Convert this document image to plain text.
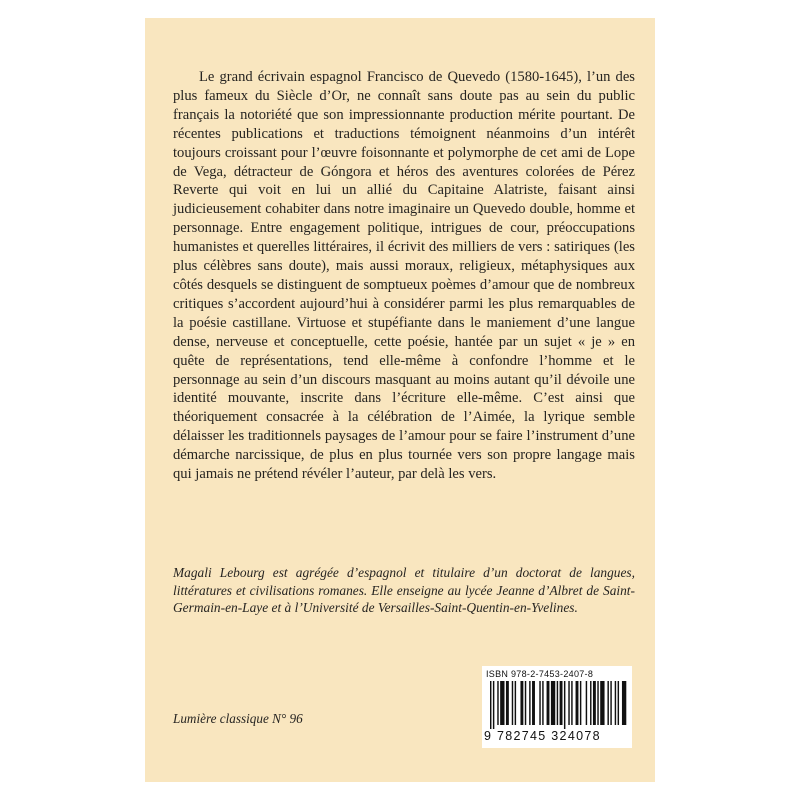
Le grand écrivain espagnol Francisco de Quevedo (1580-1645), l’un des plus fameux du Siècle d’Or, ne connaît sans doute pas au sein du public français la notoriété que son impressionnante production mérite pourtant. De récentes publications et traductions témoignent néanmoins d’un intérêt toujours croissant pour l’œuvre foisonnante et polymorphe de cet ami de Lope de Vega, détracteur de Góngora et héros des aventures colorées de Pérez Reverte qui voit en lui un allié du Capitaine Alatriste, faisant ainsi judicieusement cohabiter dans notre imaginaire un Quevedo double, homme et personnage. Entre engagement politique, intrigues de cour, préoccupations humanistes et querelles littéraires, il écrivit des milliers de vers : satiriques (les plus célèbres sans doute), mais aussi moraux, religieux, métaphysiques aux côtés desquels se distinguent de somptueux poèmes d’amour que de nombreux critiques s’accordent aujourd’hui à considérer parmi les plus remarquables de la poésie castillane. Virtuose et stupéfiante dans le maniement d’une langue dense, nerveuse et conceptuelle, cette poésie, hantée par un sujet « je » en quête de représentations, tend elle-même à confondre l’homme et le personnage au sein d’un discours masquant au moins autant qu’il dévoile une identité mouvante, inscrite dans l’écriture elle-même. C’est ainsi que théoriquement consacrée à la célébration de l’Aimée, la lyrique semble délaisser les traditionnels paysages de l’amour pour se faire l’instrument d’une démarche narcissique, de plus en plus tournée vers son propre langage mais qui jamais ne prétend révéler l’auteur, par delà les vers.

Magali Lebourg est agrégée d’espagnol et titulaire d’un doctorat de langues, littératures et civilisations romanes. Elle enseigne au lycée Jeanne d’Albret de Saint-Germain-en-Laye et à l’Université de Versailles-Saint-Quentin-en-Yvelines.

Lumière classique N° 96
ISBN 978-2-7453-2407-8
9 782745 324078
